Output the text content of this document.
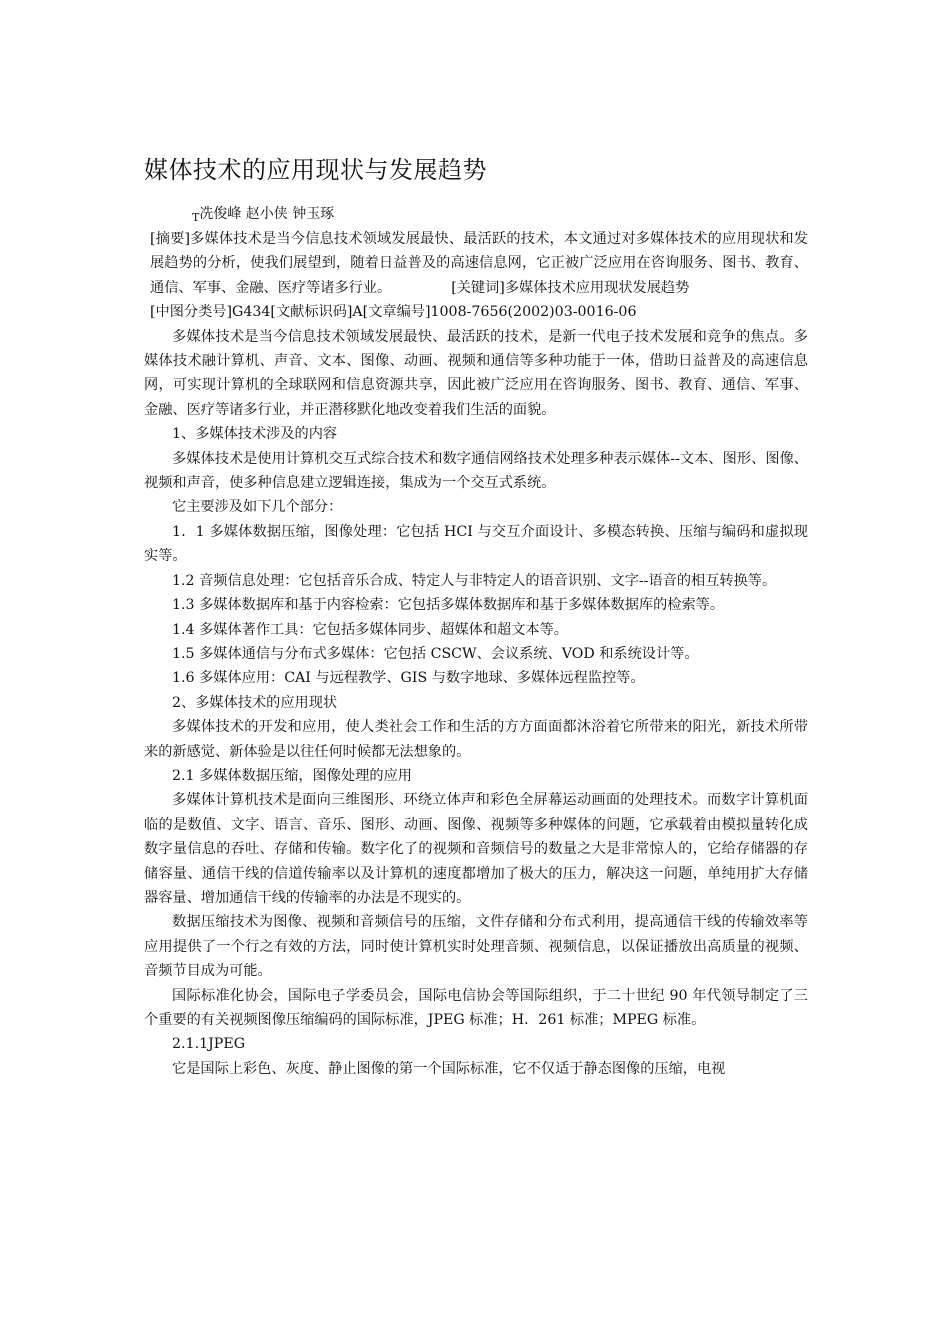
媒体技术的应用现状与发展趋势
$_T$冼俊峰 赵小侠 钟玉琢

[摘要]多媒体技术是当今信息技术领域发展最快、最活跃的技术，本文通过对多媒体技术的应用现状和发展趋势的分析，使我们展望到，随着日益普及的高速信息网，它正被广泛应用在咨询服务、图书、教育、通信、军事、金融、医疗等诸多行业。	[关键词]多媒体技术应用现状发展趋势

[中图分类号]G434[文献标识码]A[文章编号]1008-7656(2002)03-0016-06

多媒体技术是当今信息技术领域发展最快、最活跃的技术，是新一代电子技术发展和竞争的焦点。多媒体技术融计算机、声音、文本、图像、动画、视频和通信等多种功能于一体，借助日益普及的高速信息网，可实现计算机的全球联网和信息资源共享，因此被广泛应用在咨询服务、图书、教育、通信、军事、金融、医疗等诸多行业，并正潜移默化地改变着我们生活的面貌。

1、多媒体技术涉及的内容

多媒体技术是使用计算机交互式综合技术和数字通信网络技术处理多种表示媒体--文本、图形、图像、视频和声音，使多种信息建立逻辑连接，集成为一个交互式系统。

它主要涉及如下几个部分：

1．1 多媒体数据压缩，图像处理：它包括 HCI 与交互介面设计、多模态转换、压缩与编码和虚拟现实等。

1.2 音频信息处理：它包括音乐合成、特定人与非特定人的语音识别、文字--语音的相互转换等。

1.3 多媒体数据库和基于内容检索：它包括多媒体数据库和基于多媒体数据库的检索等。

1.4 多媒体著作工具：它包括多媒体同步、超媒体和超文本等。

1.5 多媒体通信与分布式多媒体：它包括 CSCW、会议系统、VOD 和系统设计等。

1.6 多媒体应用：CAI 与远程教学、GIS 与数字地球、多媒体远程监控等。

2、多媒体技术的应用现状

多媒体技术的开发和应用，使人类社会工作和生活的方方面面都沐浴着它所带来的阳光，新技术所带来的新感觉、新体验是以往任何时候都无法想象的。

2.1 多媒体数据压缩，图像处理的应用

多媒体计算机技术是面向三维图形、环绕立体声和彩色全屏幕运动画面的处理技术。而数字计算机面临的是数值、文字、语言、音乐、图形、动画、图像、视频等多种媒体的问题，它承载着由模拟量转化成数字量信息的吞吐、存储和传输。数字化了的视频和音频信号的数量之大是非常惊人的，它给存储器的存储容量、通信干线的信道传输率以及计算机的速度都增加了极大的压力，解决这一问题，单纯用扩大存储器容量、增加通信干线的传输率的办法是不现实的。

数据压缩技术为图像、视频和音频信号的压缩，文件存储和分布式利用，提高通信干线的传输效率等应用提供了一个行之有效的方法，同时使计算机实时处理音频、视频信息，以保证播放出高质量的视频、音频节目成为可能。

国际标准化协会，国际电子学委员会，国际电信协会等国际组织，于二十世纪 90 年代领导制定了三个重要的有关视频图像压缩编码的国际标准，JPEG 标准；H．261 标准；MPEG 标准。

2.1.1JPEG

它是国际上彩色、灰度、静止图像的第一个国际标准，它不仅适于静态图像的压缩，电视
